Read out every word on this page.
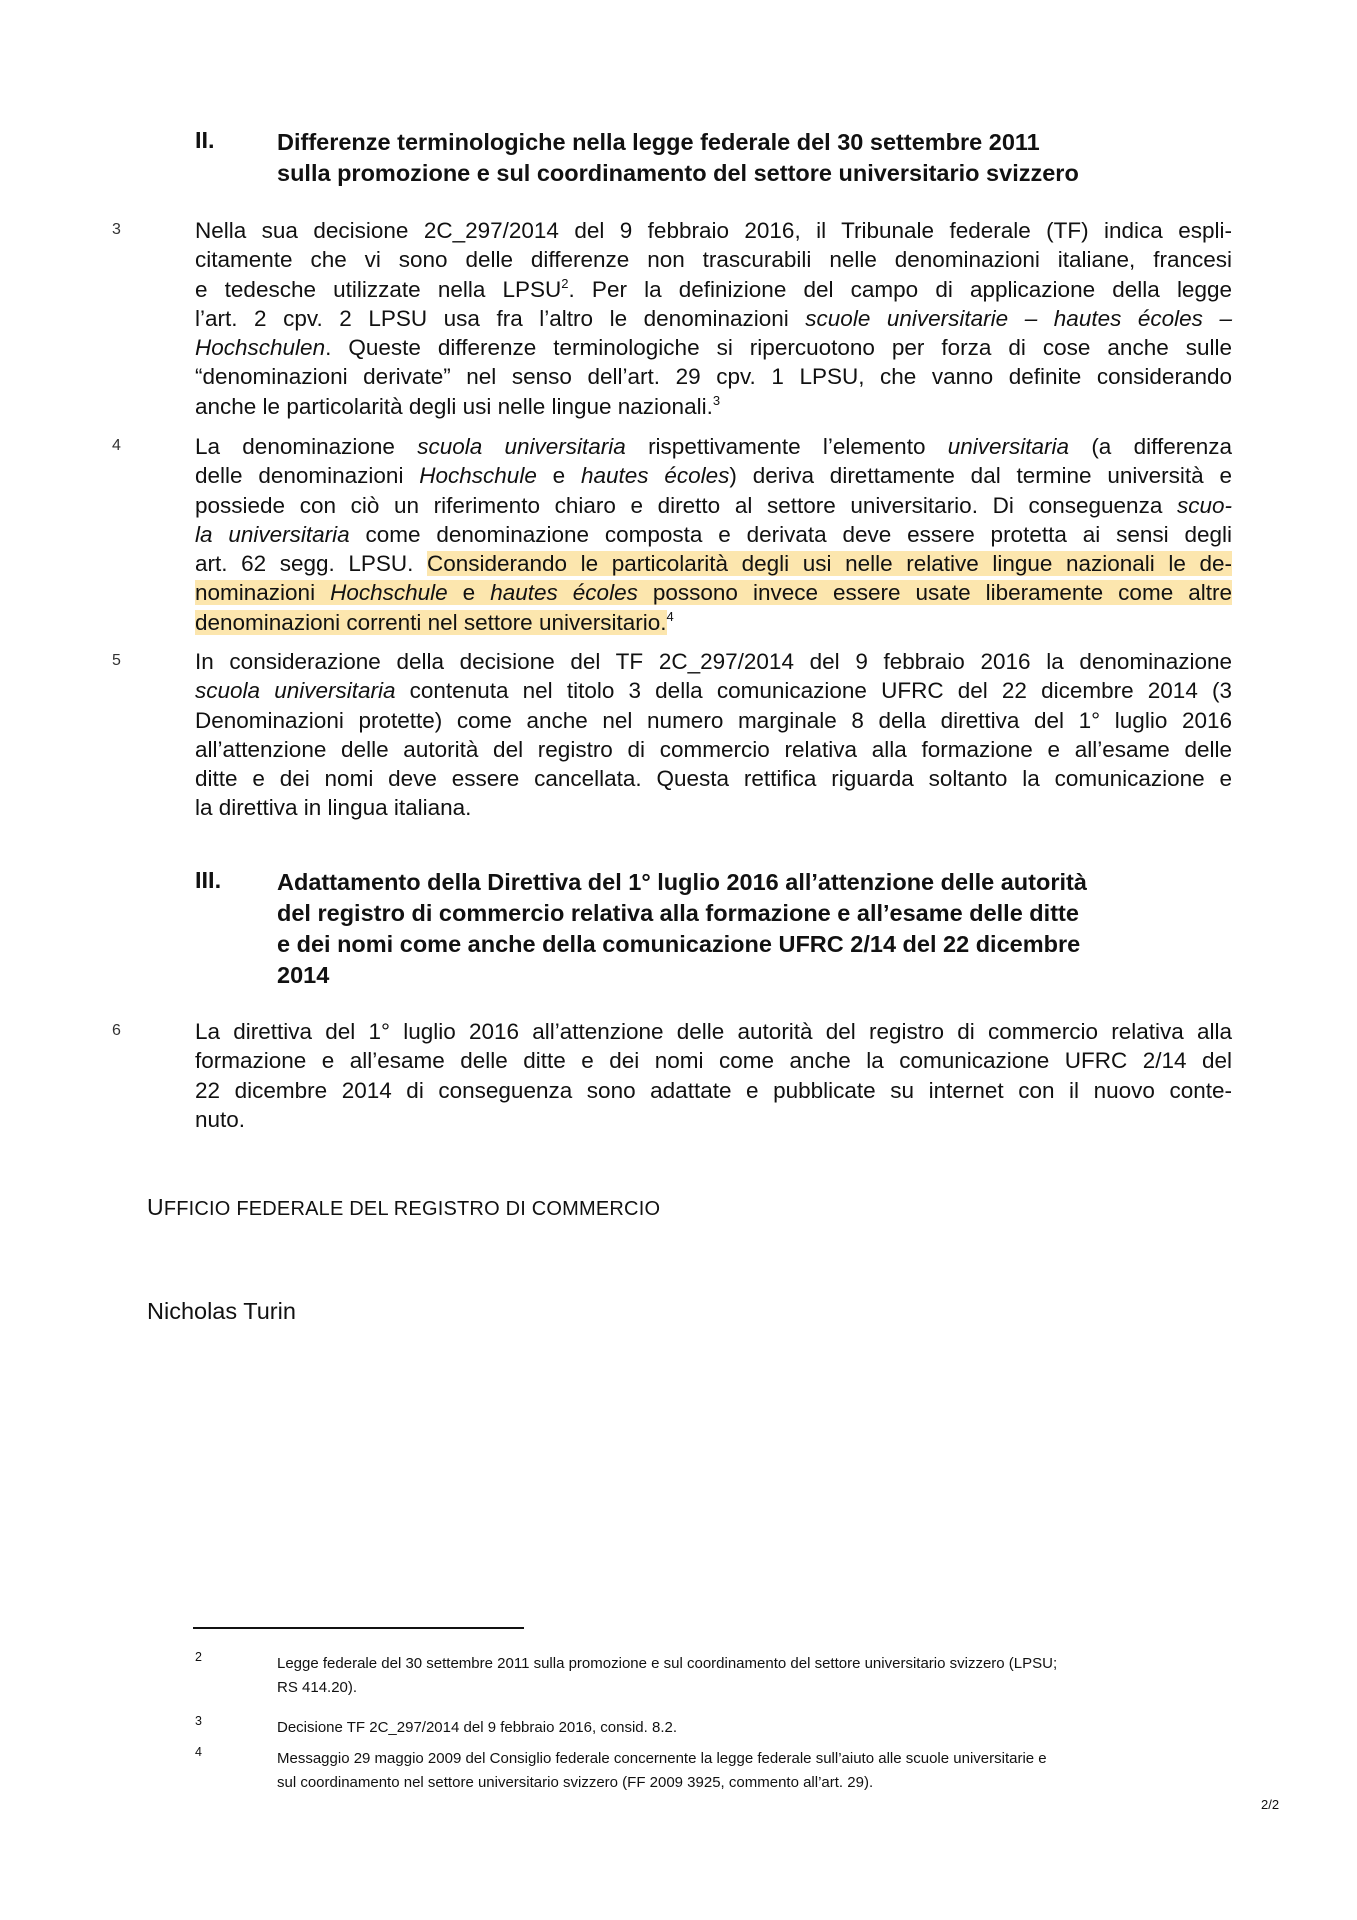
II.	Differenze terminologiche nella legge federale del 30 settembre 2011
sulla promozione e sul coordinamento del settore universitario svizzero
3	Nella sua decisione 2C_297/2014 del 9 febbraio 2016, il Tribunale federale (TF) indica espli-
citamente che vi sono delle differenze non trascurabili nelle denominazioni italiane, francesi
e tedesche utilizzate nella LPSU$^2$. Per la definizione del campo di applicazione della legge
l’art. 2 cpv. 2 LPSU usa fra l’altro le denominazioni scuole universitarie – hautes écoles –
Hochschulen. Queste differenze terminologiche si ripercuotono per forza di cose anche sulle
“denominazioni derivate” nel senso dell’art. 29 cpv. 1 LPSU, che vanno definite considerando
anche le particolarità degli usi nelle lingue nazionali.$^3$
4	La denominazione scuola universitaria rispettivamente l’elemento universitaria (a differenza
delle denominazioni Hochschule e hautes écoles) deriva direttamente dal termine università e
possiede con ciò un riferimento chiaro e diretto al settore universitario. Di conseguenza scuo-
la universitaria come denominazione composta e derivata deve essere protetta ai sensi degli
art. 62 segg. LPSU. Considerando le particolarità degli usi nelle relative lingue nazionali le de-
nominazioni Hochschule e hautes écoles possono invece essere usate liberamente come altre
denominazioni correnti nel settore universitario.$^4$
5	In considerazione della decisione del TF 2C_297/2014 del 9 febbraio 2016 la denominazione
scuola universitaria contenuta nel titolo 3 della comunicazione UFRC del 22 dicembre 2014 (3
Denominazioni protette) come anche nel numero marginale 8 della direttiva del 1° luglio 2016
all’attenzione delle autorità del registro di commercio relativa alla formazione e all’esame delle
ditte e dei nomi deve essere cancellata. Questa rettifica riguarda soltanto la comunicazione e
la direttiva in lingua italiana.
III. Adattamento della Direttiva del 1° luglio 2016 all’attenzione delle autorità
del registro di commercio relativa alla formazione e all’esame delle ditte
e dei nomi come anche della comunicazione UFRC 2/14 del 22 dicembre
2014
6	La direttiva del 1° luglio 2016 all’attenzione delle autorità del registro di commercio relativa alla
formazione e all’esame delle ditte e dei nomi come anche la comunicazione UFRC 2/14 del
22 dicembre 2014 di conseguenza sono adattate e pubblicate su internet con il nuovo conte-
nuto.
UFFICIO FEDERALE DEL REGISTRO DI COMMERCIO
Nicholas Turin
2	Legge federale del 30 settembre 2011 sulla promozione e sul coordinamento del settore universitario svizzero (LPSU;
RS 414.20).
3	Decisione TF 2C_297/2014 del 9 febbraio 2016, consid. 8.2.
4	Messaggio 29 maggio 2009 del Consiglio federale concernente la legge federale sull’aiuto alle scuole universitarie e
sul coordinamento nel settore universitario svizzero (FF 2009 3925, commento all’art. 29).
2/2
